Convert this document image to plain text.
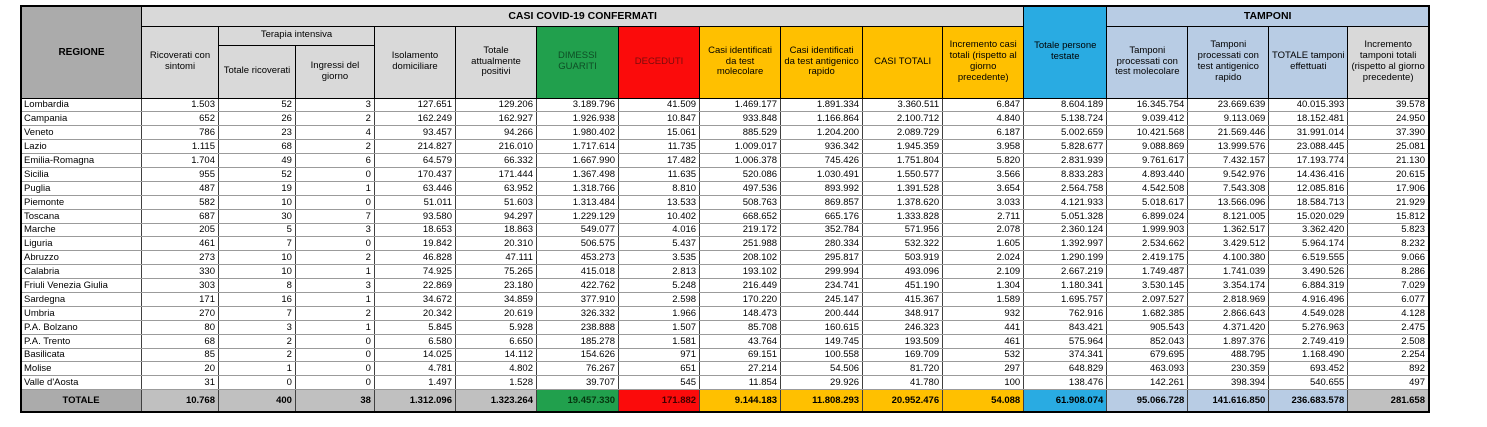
REGIONE	CASI COVID-19 CONFERMATI											Totale persone testate	TAMPONI			
	Ricoverati con sintomi	Terapia intensiva		Isolamento domiciliare	Totale attualmente positivi	DIMESSI GUARITI	DECEDUTI	Casi identificati da test molecolare	Casi identificati da test antigenico rapido	CASI TOTALI	Incremento casi totali (rispetto al giorno precedente)		Tamponi processati con test molecolare	Tamponi processati con test antigenico rapido	TOTALE tamponi effettuati	Incremento tamponi totali (rispetto al giorno precedente)
		Totale ricoverati	Ingressi del giorno													
Lombardia	1.503	52	3	127.651	129.206	3.189.796	41.509	1.469.177	1.891.334	3.360.511	6.847	8.604.189	16.345.754	23.669.639	40.015.393	39.578
Campania	652	26	2	162.249	162.927	1.926.938	10.847	933.848	1.166.864	2.100.712	4.840	5.138.724	9.039.412	9.113.069	18.152.481	24.950
Veneto	786	23	4	93.457	94.266	1.980.402	15.061	885.529	1.204.200	2.089.729	6.187	5.002.659	10.421.568	21.569.446	31.991.014	37.390
Lazio	1.115	68	2	214.827	216.010	1.717.614	11.735	1.009.017	936.342	1.945.359	3.958	5.828.677	9.088.869	13.999.576	23.088.445	25.081
Emilia-Romagna	1.704	49	6	64.579	66.332	1.667.990	17.482	1.006.378	745.426	1.751.804	5.820	2.831.939	9.761.617	7.432.157	17.193.774	21.130
Sicilia	955	52	0	170.437	171.444	1.367.498	11.635	520.086	1.030.491	1.550.577	3.566	8.833.283	4.893.440	9.542.976	14.436.416	20.615
Puglia	487	19	1	63.446	63.952	1.318.766	8.810	497.536	893.992	1.391.528	3.654	2.564.758	4.542.508	7.543.308	12.085.816	17.906
Piemonte	582	10	0	51.011	51.603	1.313.484	13.533	508.763	869.857	1.378.620	3.033	4.121.933	5.018.617	13.566.096	18.584.713	21.929
Toscana	687	30	7	93.580	94.297	1.229.129	10.402	668.652	665.176	1.333.828	2.711	5.051.328	6.899.024	8.121.005	15.020.029	15.812
Marche	205	5	3	18.653	18.863	549.077	4.016	219.172	352.784	571.956	2.078	2.360.124	1.999.903	1.362.517	3.362.420	5.823
Liguria	461	7	0	19.842	20.310	506.575	5.437	251.988	280.334	532.322	1.605	1.392.997	2.534.662	3.429.512	5.964.174	8.232
Abruzzo	273	10	2	46.828	47.111	453.273	3.535	208.102	295.817	503.919	2.024	1.290.199	2.419.175	4.100.380	6.519.555	9.066
Calabria	330	10	1	74.925	75.265	415.018	2.813	193.102	299.994	493.096	2.109	2.667.219	1.749.487	1.741.039	3.490.526	8.286
Friuli Venezia Giulia	303	8	3	22.869	23.180	422.762	5.248	216.449	234.741	451.190	1.304	1.180.341	3.530.145	3.354.174	6.884.319	7.029
Sardegna	171	16	1	34.672	34.859	377.910	2.598	170.220	245.147	415.367	1.589	1.695.757	2.097.527	2.818.969	4.916.496	6.077
Umbria	270	7	2	20.342	20.619	326.332	1.966	148.473	200.444	348.917	932	762.916	1.682.385	2.866.643	4.549.028	4.128
P.A. Bolzano	80	3	1	5.845	5.928	238.888	1.507	85.708	160.615	246.323	441	843.421	905.543	4.371.420	5.276.963	2.475
P.A. Trento	68	2	0	6.580	6.650	185.278	1.581	43.764	149.745	193.509	461	575.964	852.043	1.897.376	2.749.419	2.508
Basilicata	85	2	0	14.025	14.112	154.626	971	69.151	100.558	169.709	532	374.341	679.695	488.795	1.168.490	2.254
Molise	20	1	0	4.781	4.802	76.267	651	27.214	54.506	81.720	297	648.829	463.093	230.359	693.452	892
Valle d'Aosta	31	0	0	1.497	1.528	39.707	545	11.854	29.926	41.780	100	138.476	142.261	398.394	540.655	497
TOTALE	10.768	400	38	1.312.096	1.323.264	19.457.330	171.882	9.144.183	11.808.293	20.952.476	54.088	61.908.074	95.066.728	141.616.850	236.683.578	281.658
